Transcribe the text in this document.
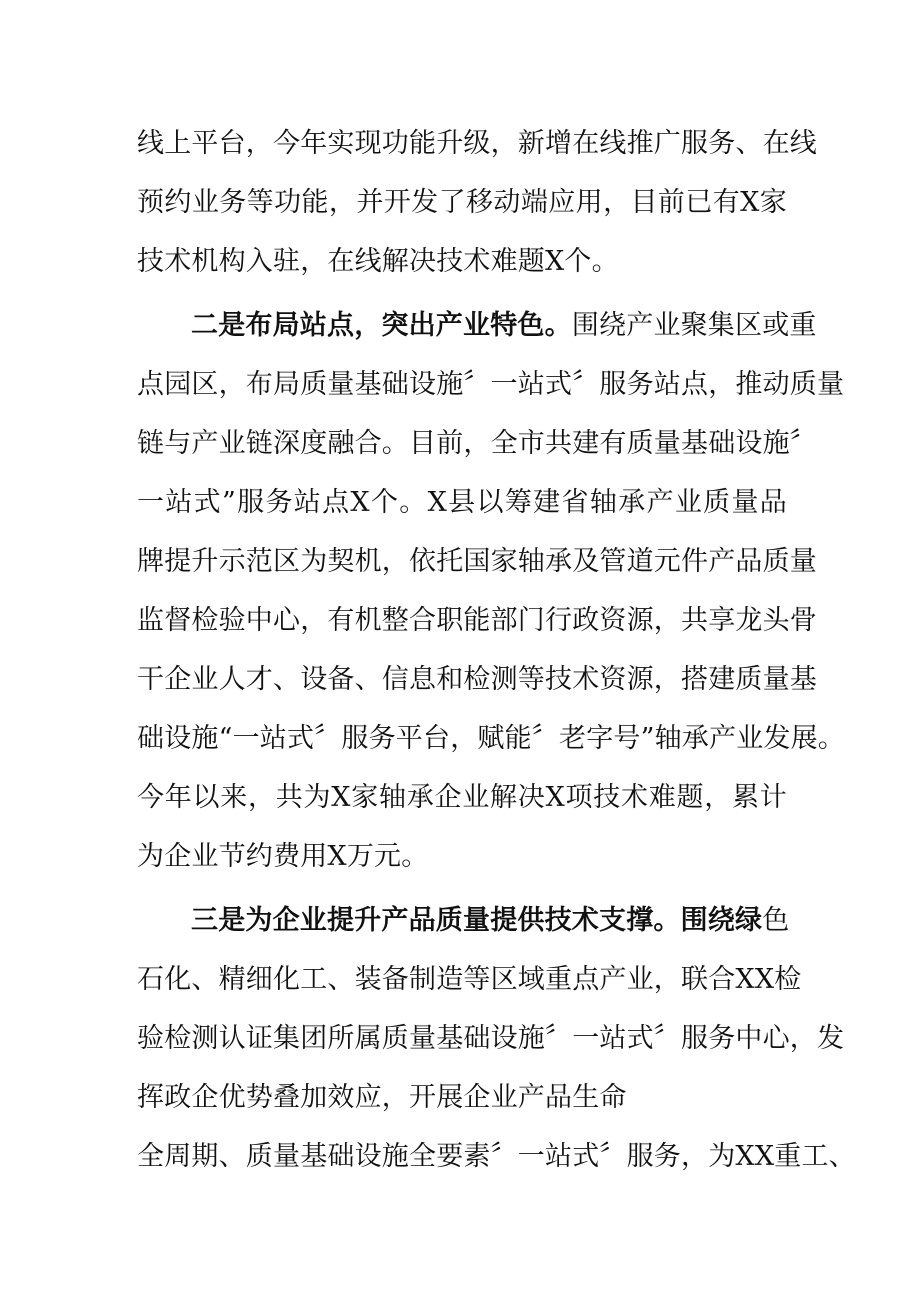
线上平台，今年实现功能升级，新增在线推广服务、在线
预约业务等功能，并开发了移动端应用，目前已有X家
技术机构入驻，在线解决技术难题X个。
二是布局站点，突出产业特色。围绕产业聚集区或重
点园区，布局质量基础设施〞一站式〞服务站点，推动质量
链与产业链深度融合。目前，全市共建有质量基础设施〞
一站式”服务站点X个。X县以筹建省轴承产业质量品
牌提升示范区为契机，依托国家轴承及管道元件产品质量
监督检验中心，有机整合职能部门行政资源，共享龙头骨
干企业人才、设备、信息和检测等技术资源，搭建质量基
础设施“一站式〞服务平台，赋能〞老字号”轴承产业发展。
今年以来，共为X家轴承企业解决X项技术难题，累计
为企业节约费用X万元。
三是为企业提升产品质量提供技术支撑。围绕绿色
石化、精细化工、装备制造等区域重点产业，联合XX检
验检测认证集团所属质量基础设施〞一站式〞服务中心，发
挥政企优势叠加效应，开展企业产品生命
全周期、质量基础设施全要素〞一站式〞服务，为XX重工、
